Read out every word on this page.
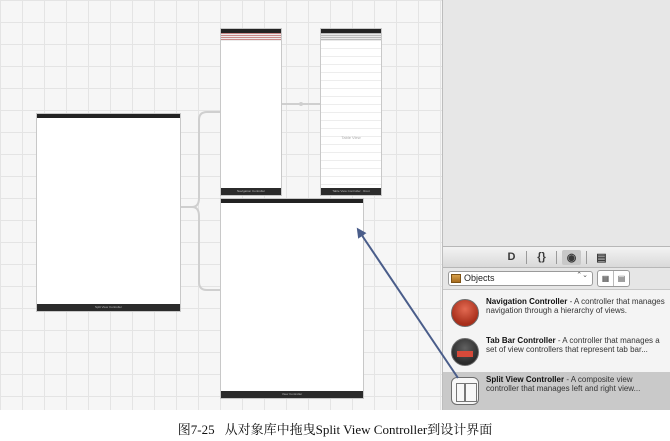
Split View Controller
Navigation Controller
Table View
Table View Controller · Root
View Controller
D	{}	◉	▤
Objects	⌃⌄	▦	▤
Navigation Controller - A controller that manages navigation through a hierarchy of views.
Tab Bar Controller - A controller that manages a set of view controllers that represent tab bar...
Split View Controller - A composite view controller that manages left and right view...
图7-25 从对象库中拖曳Split View Controller到设计界面
